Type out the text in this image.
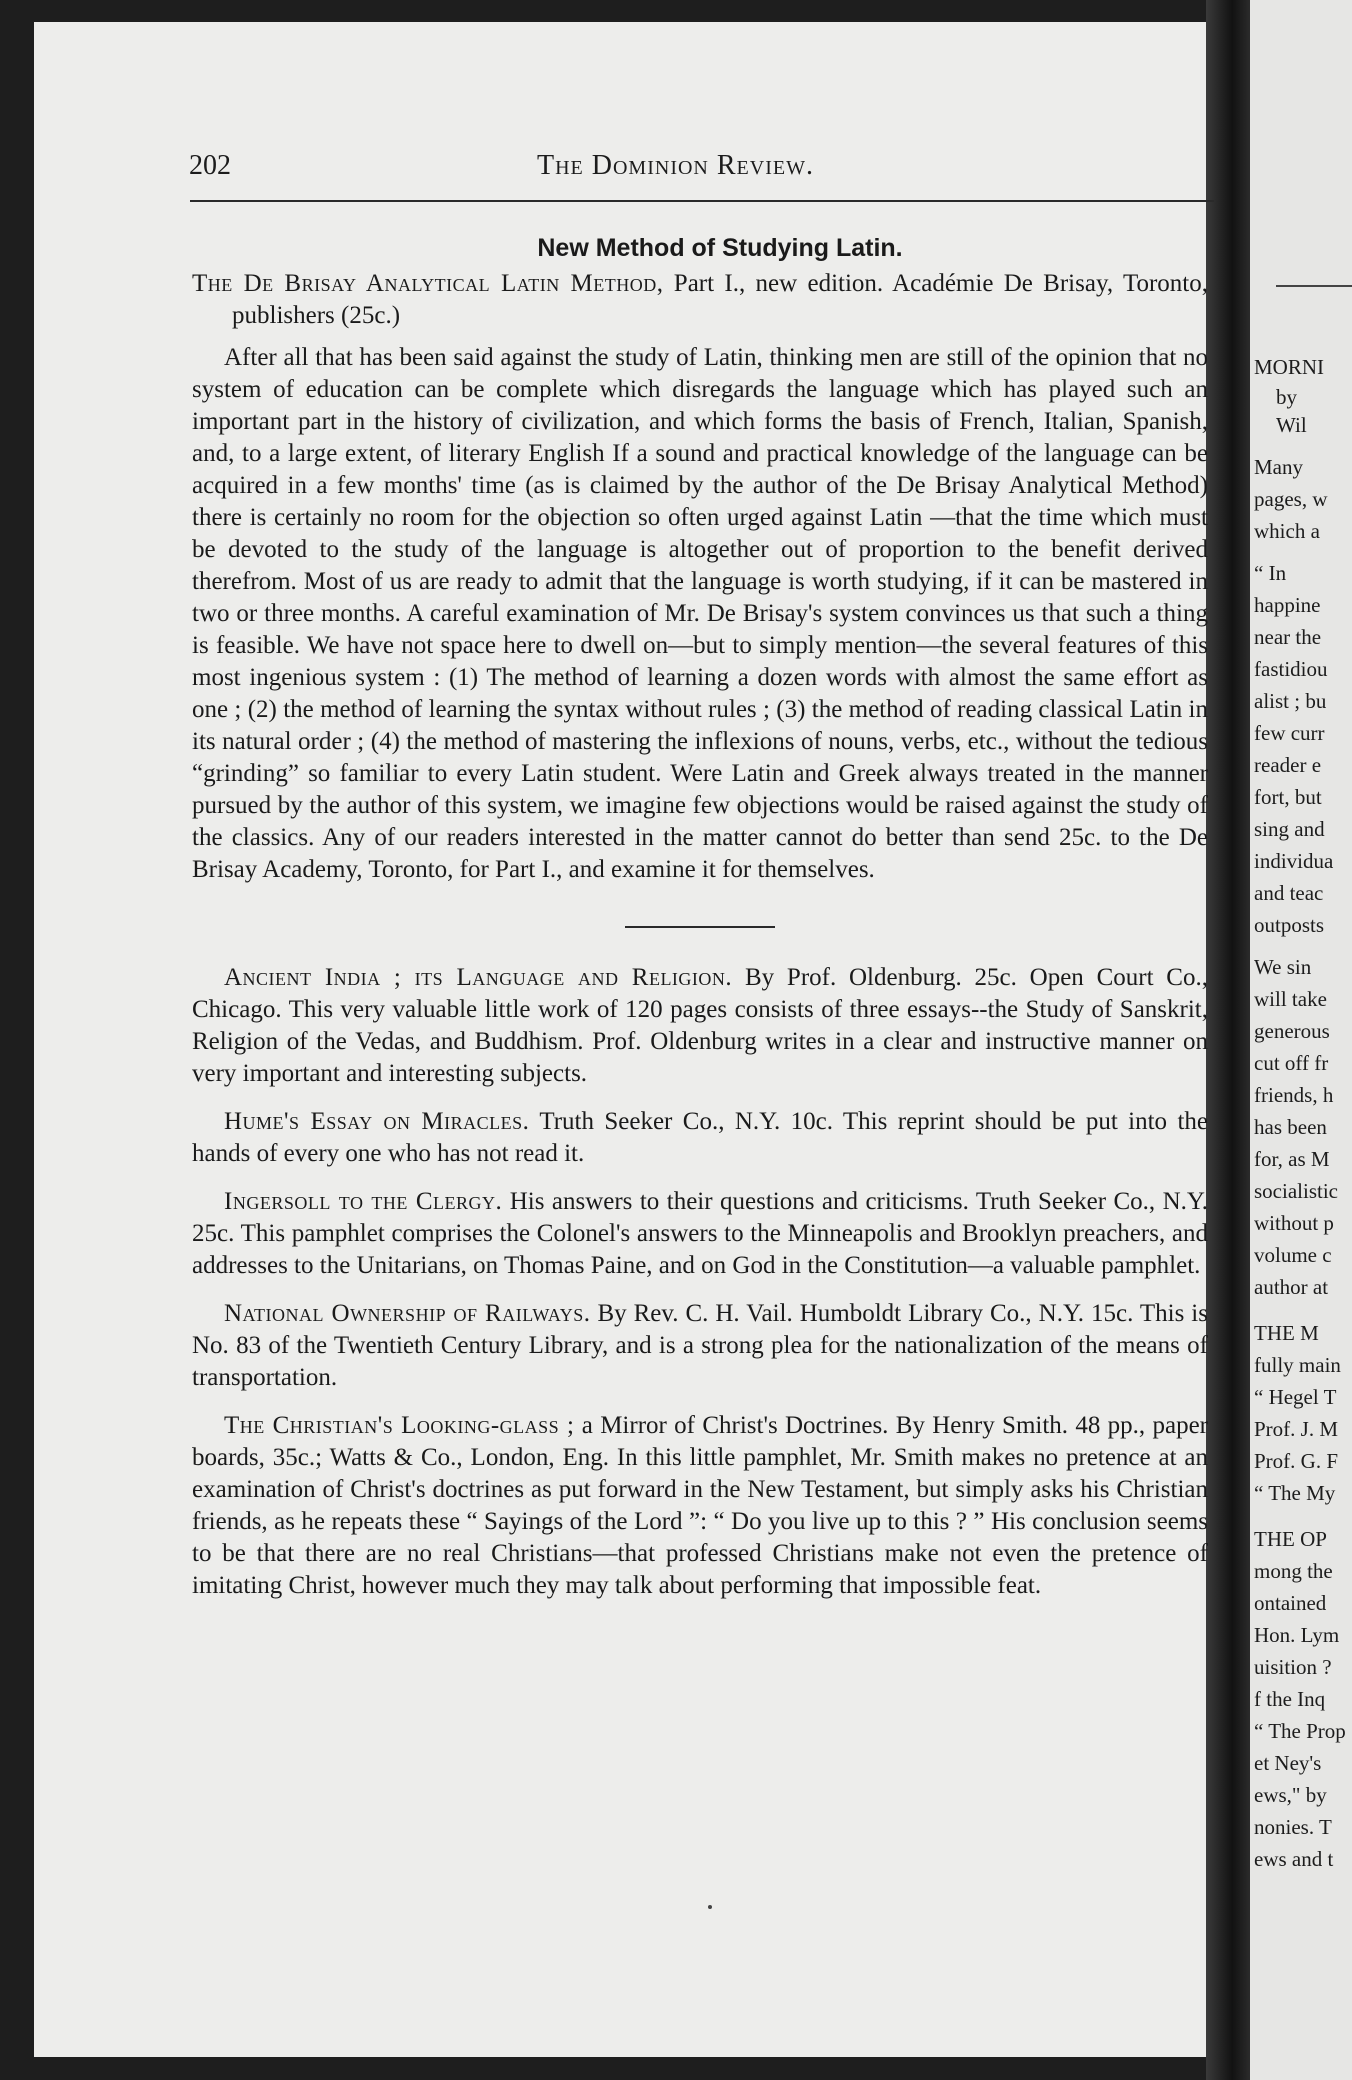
MORNI
by
Wil
Many
pages, w
which a
“ In
happine
near the
fastidiou
alist ; bu
few curr
reader e
fort, but
sing and
individua
and teac
outposts
We sin
will take
generous
cut off fr
friends, h
has been
for, as M
socialistic
without p
volume c
author at
THE M
fully main
“ Hegel T
Prof. J. M
Prof. G. F
“ The My
THE OP
mong the
ontained
Hon. Lym
uisition ?
f the Inq
“ The Prop
et Ney's
ews," by
nonies. T
ews and t
202	The Dominion Review.
New Method of Studying Latin.

The De Brisay Analytical Latin Method, Part I., new edition. Académie De Brisay, Toronto, publishers (25c.)

After all that has been said against the study of Latin, thinking men are still of the opinion that no system of education can be complete which disregards the language which has played such an important part in the history of civilization, and which forms the basis of French, Italian, Spanish, and, to a large extent, of literary English If a sound and practical knowledge of the language can be acquired in a few months' time (as is claimed by the author of the De Brisay Analytical Method) there is certainly no room for the objection so often urged against Latin —that the time which must be devoted to the study of the language is altogether out of proportion to the benefit derived therefrom. Most of us are ready to admit that the language is worth studying, if it can be mastered in two or three months. A careful examination of Mr. De Brisay's system convinces us that such a thing is feasible. We have not space here to dwell on—but to simply mention—the several features of this most ingenious system : (1) The method of learning a dozen words with almost the same effort as one ; (2) the method of learning the syntax without rules ; (3) the method of reading classical Latin in its natural order ; (4) the method of mastering the inflexions of nouns, verbs, etc., without the tedious “grinding” so familiar to every Latin student. Were Latin and Greek always treated in the manner pursued by the author of this system, we imagine few objections would be raised against the study of the classics. Any of our readers interested in the matter cannot do better than send 25c. to the De Brisay Academy, Toronto, for Part I., and examine it for themselves.

Ancient India ; its Language and Religion. By Prof. Oldenburg. 25c. Open Court Co., Chicago. This very valuable little work of 120 pages consists of three essays--the Study of Sanskrit, Religion of the Vedas, and Buddhism. Prof. Oldenburg writes in a clear and instructive manner on very important and interesting subjects.

Hume's Essay on Miracles. Truth Seeker Co., N.Y. 10c. This reprint should be put into the hands of every one who has not read it.

Ingersoll to the Clergy. His answers to their questions and criticisms. Truth Seeker Co., N.Y. 25c. This pamphlet comprises the Colonel's answers to the Minneapolis and Brooklyn preachers, and addresses to the Unitarians, on Thomas Paine, and on God in the Constitution—a valuable pamphlet.

National Ownership of Railways. By Rev. C. H. Vail. Humboldt Library Co., N.Y. 15c. This is No. 83 of the Twentieth Century Library, and is a strong plea for the nationalization of the means of transportation.

The Christian's Looking-glass ; a Mirror of Christ's Doctrines. By Henry Smith. 48 pp., paper boards, 35c.; Watts & Co., London, Eng. In this little pamphlet, Mr. Smith makes no pretence at an examination of Christ's doctrines as put forward in the New Testament, but simply asks his Christian friends, as he repeats these “ Sayings of the Lord ”: “ Do you live up to this ? ” His conclusion seems to be that there are no real Christians—that professed Christians make not even the pretence of imitating Christ, however much they may talk about performing that impossible feat.
